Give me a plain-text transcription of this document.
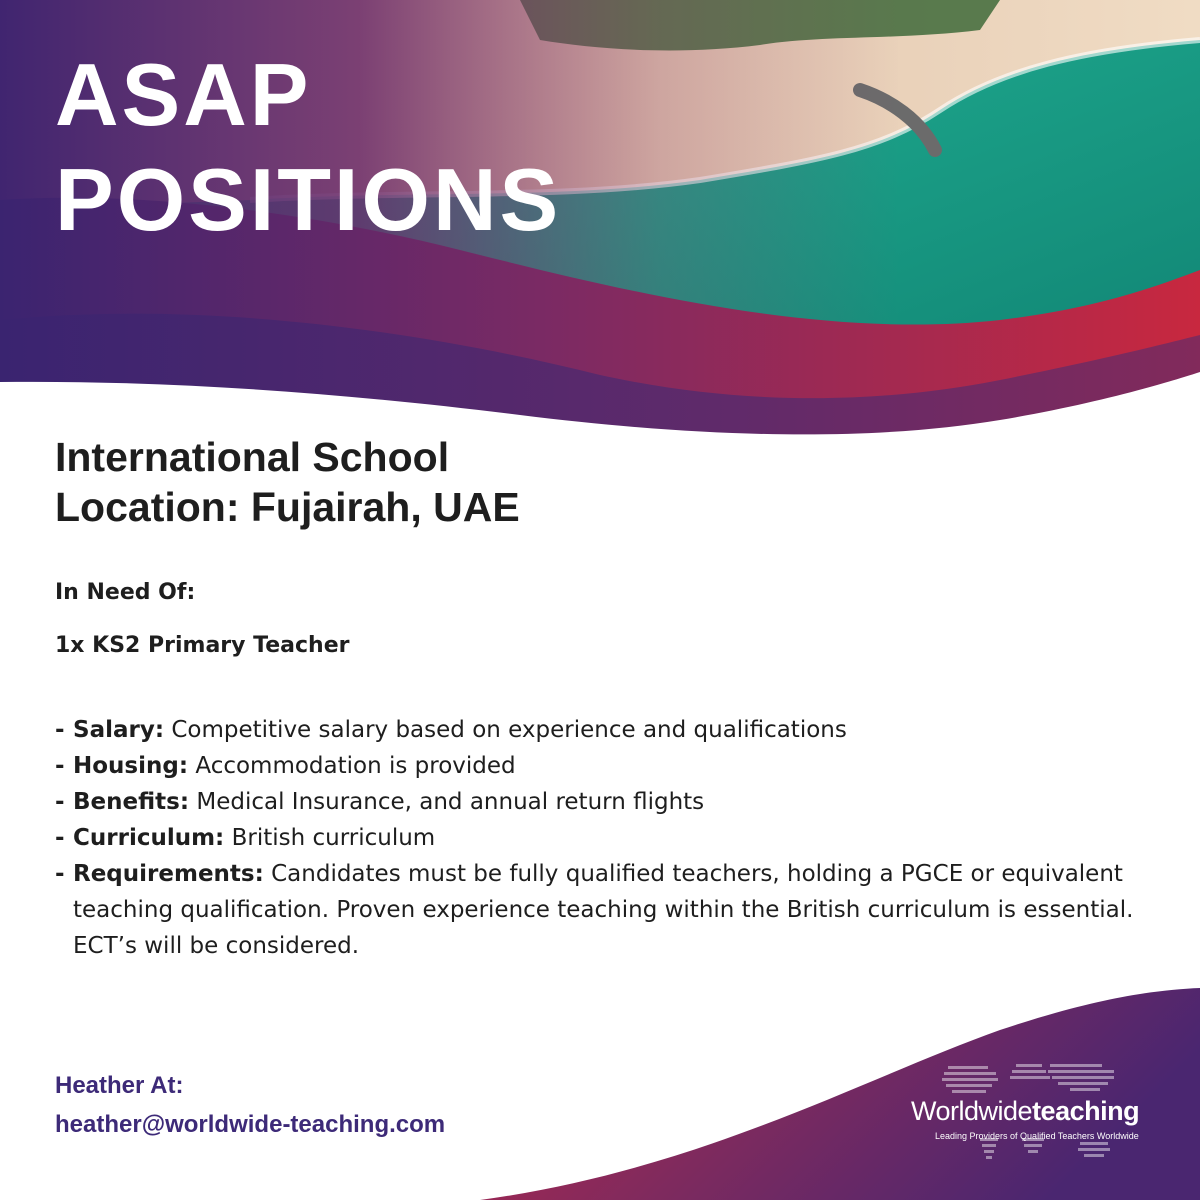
ASAP
POSITIONS
International School
Location: Fujairah, UAE

In Need Of:

1x KS2 Primary Teacher

- Salary: Competitive salary based on experience and qualifications
- Housing: Accommodation is provided
- Benefits: Medical Insurance, and annual return flights
- Curriculum: British curriculum
- Requirements: Candidates must be fully qualified teachers, holding a PGCE or equivalent teaching qualification. Proven experience teaching within the British curriculum is essential. ECT’s will be considered.

Heather At:

heather@worldwide-teaching.com	Worldwideteaching
Leading Providers of Qualified Teachers Worldwide
